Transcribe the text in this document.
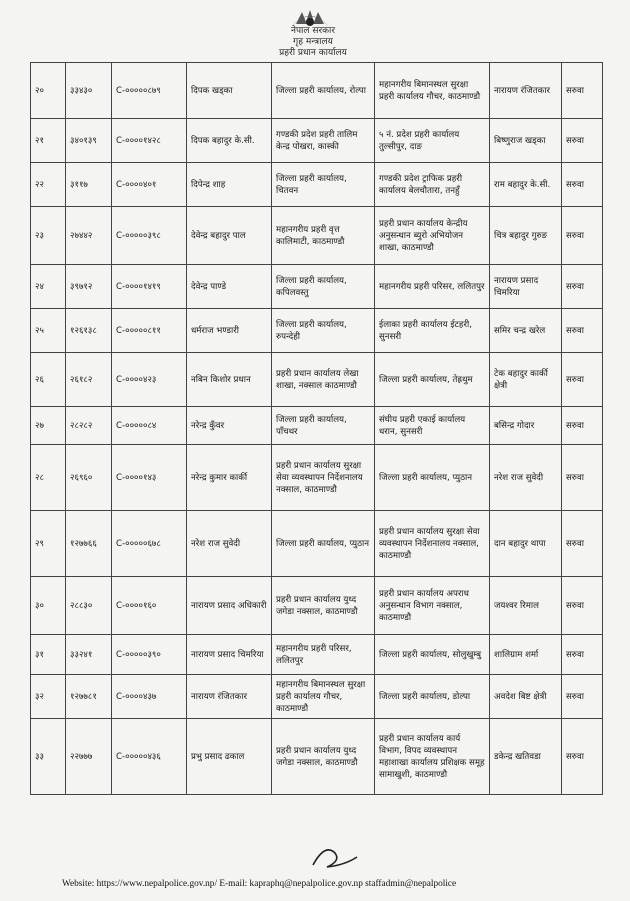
नेपाल सरकार
गृह मन्त्रालय
प्रहरी प्रधान कार्यालय
२०	३३४३०	C-०००००८७९	दिपक खड्का	जिल्ला प्रहरी कार्यालय, रोल्पा	महानगरीय बिमानस्थल सुरक्षा प्रहरी कार्यालय गौचर, काठमाण्डौ	नारायण रंजितकार	सरुवा
२१	३४०१३९	C-००००१४२८	दिपक बहादुर के.सी.	गण्डकी प्रदेश प्रहरी तालिम केन्द्र पोखरा, कास्की	५ नं. प्रदेश प्रहरी कार्यालय तुल्सीपुर, दाङ	बिष्णुराज खड्का	सरुवा
२२	३११७	C-००००४०१	दिपेन्द्र शाह	जिल्ला प्रहरी कार्यालय, चितवन	गण्डकी प्रदेश ट्राफिक प्रहरी कार्यालय बेलचौतारा, तनहुँ	राम बहादुर के.सी.	सरुवा
२३	२७४४२	C-०००००३९८	देवेन्द्र बहादुर पाल	महानगरीय प्रहरी वृत्त कालिमाटी, काठमाण्डौ	प्रहरी प्रधान कार्यालय केन्द्रीय अनुसन्धान ब्युरो अभियोजन शाखा, काठमाण्डौ	चित्र बहादुर गुरुङ	सरुवा
२४	३९७१२	C-००००१४१९	देवेन्द्र पाण्डे	जिल्ला प्रहरी कार्यालय, कपिलवस्तु	महानगरीय प्रहरी परिसर, ललितपुर	नारायण प्रसाद चिमरिया	सरुवा
२५	१२६१३८	C-०००००८११	धर्मराज भण्डारी	जिल्ला प्रहरी कार्यालय, रुपन्देही	ईलाका प्रहरी कार्यालय ईटहरी, सुनसरी	समिर चन्द्र खरेल	सरुवा
२६	२६१८२	C-००००४२३	नबिन किशोर प्रधान	प्रहरी प्रधान कार्यालय लेखा शाखा, नक्साल काठमाण्डौ	जिल्ला प्रहरी कार्यालय, तेह्रथुम	टेक बहादुर कार्की क्षेत्री	सरुवा
२७	२८२८२	C-०००००८४	नरेन्द्र कुँवर	जिल्ला प्रहरी कार्यालय, पाँचथर	संघीय प्रहरी एकाई कार्यालय धरान, सुनसरी	बसिन्द्र गोदार	सरुवा
२८	२६९६०	C-००००१४३	नरेन्द्र कुमार कार्की	प्रहरी प्रधान कार्यालय सुरक्षा सेवा व्यवस्थापन निर्देशनालय नक्साल, काठमाण्डौ	जिल्ला प्रहरी कार्यालय, प्युठान	नरेश राज सुवेदी	सरुवा
२९	१२७७६६	C-०००००६७८	नरेश राज सुवेदी	जिल्ला प्रहरी कार्यालय, प्युठान	प्रहरी प्रधान कार्यालय सुरक्षा सेवा व्यवस्थापन निर्देशनालय नक्साल, काठमाण्डौ	दान बहादुर थापा	सरुवा
३०	२८८३०	C-००००१६०	नारायण प्रसाद अधिकारी	प्रहरी प्रधान कार्यालय युध्द जगेडा नक्साल, काठमाण्डौ	प्रहरी प्रधान कार्यालय अपराध अनुसन्धान विभाग नक्साल, काठमाण्डौ	जयश्वर रिमाल	सरुवा
३१	३३२४१	C-०००००३९०	नारायण प्रसाद चिमरिया	महानगरीय प्रहरी परिसर, ललितपुर	जिल्ला प्रहरी कार्यालय, सोलुखुम्बु	शालिग्राम शर्मा	सरुवा
३२	१२७७८१	C-००००४३७	नारायण रंजितकार	महानगरीय बिमानस्थल सुरक्षा प्रहरी कार्यालय गौचर, काठमाण्डौ	जिल्ला प्रहरी कार्यालय, डोल्पा	अवदेश बिष्ट क्षेत्री	सरुवा
३३	२२७७७	C-०००००४३६	प्रभु प्रसाद ढकाल	प्रहरी प्रधान कार्यालय युध्द जगेडा नक्साल, काठमाण्डौ	प्रहरी प्रधान कार्यालय कार्य विभाग, विपद व्यवस्थापन महाशाखा कार्यालय प्रशिक्षक समूह सामाखुशी, काठमाण्डौ	डकेन्द्र खतिवडा	सरुवा
Website: https://www.nepalpolice.gov.np/ E-mail: kapraphq@nepalpolice.gov.np staffadmin@nepalpolice
